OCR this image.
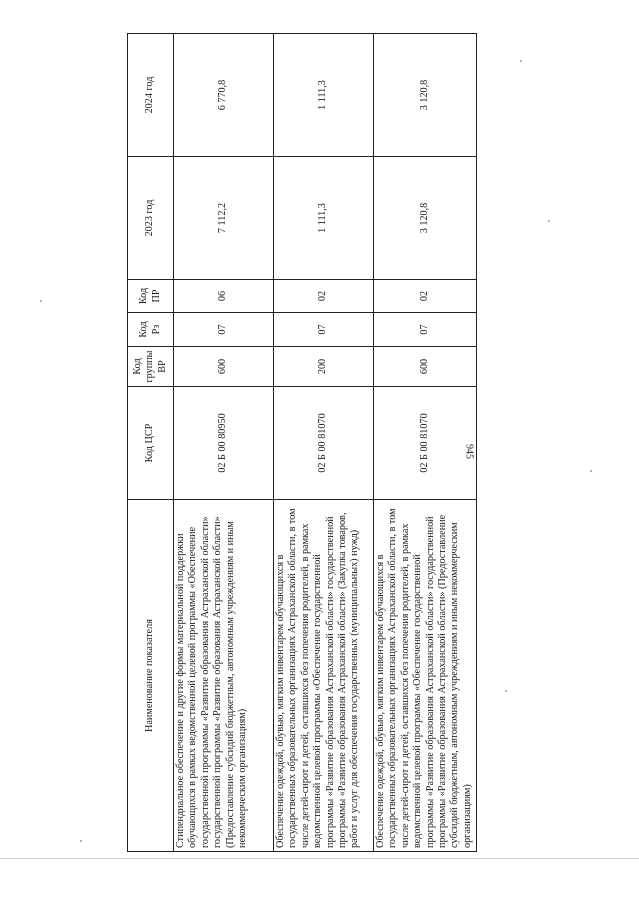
945
Наименование показателя	Код ЦСР	Код группы ВР	Код Рз	Код ПР	2023 год	2024 год
Стипендиальное обеспечение и другие формы материальной поддержки обучающихся в рамках ведомственной целевой программы «Обеспечение государственной программы «Развитие образования Астраханской области» государственной программы «Развитие образования Астраханской области» (Предоставление субсидий бюджетным, автономным учреждениям и иным некоммерческим организациям)	02 Б 00 80950	600	07	06	7 112,2	6 770,8
Обеспечение одеждой, обувью, мягким инвентарем обучающихся в государственных образовательных организациях Астраханской области, в том числе детей-сирот и детей, оставшихся без попечения родителей, в рамках ведомственной целевой программы «Обеспечение государственной программы «Развитие образования Астраханской области» государственной программы «Развитие образования Астраханской области» (Закупка товаров, работ и услуг для обеспечения государственных (муниципальных) нужд)	02 Б 00 81070	200	07	02	1 111,3	1 111,3
Обеспечение одеждой, обувью, мягким инвентарем обучающихся в государственных образовательных организациях Астраханской области, в том числе детей-сирот и детей, оставшихся без попечения родителей, в рамках ведомственной целевой программы «Обеспечение государственной программы «Развитие образования Астраханской области» государственной программы «Развитие образования Астраханской области» (Предоставление субсидий бюджетным, автономным учреждениям и иным некоммерческим организациям)	02 Б 00 81070	600	07	02	3 120,8	3 120,8
